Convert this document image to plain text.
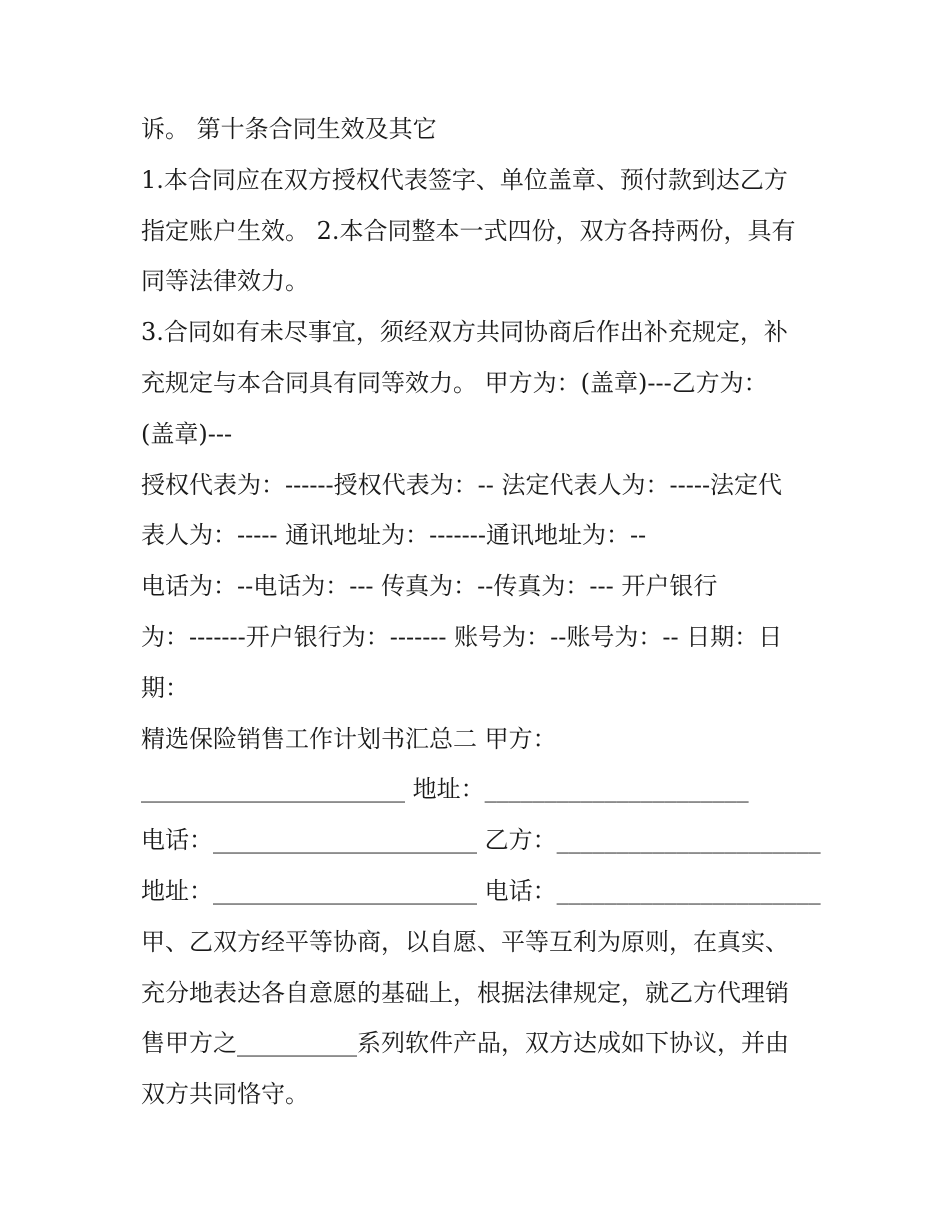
诉。 第十条合同生效及其它
1.本合同应在双方授权代表签字、单位盖章、预付款到达乙方
指定账户生效。 2.本合同整本一式四份，双方各持两份，具有
同等法律效力。
3.合同如有未尽事宜，须经双方共同协商后作出补充规定，补
充规定与本合同具有同等效力。 甲方为：(盖章)---乙方为：
(盖章)---
授权代表为：------授权代表为：-- 法定代表人为：-----法定代
表人为：----- 通讯地址为：-------通讯地址为：--
电话为：--电话为：--- 传真为：--传真为：--- 开户银行
为：-------开户银行为：------- 账号为：--账号为：-- 日期：日
期：
精选保险销售工作计划书汇总二 甲方：
______________________ 地址：______________________
电话：______________________ 乙方：______________________
地址：______________________ 电话：______________________
甲、乙双方经平等协商，以自愿、平等互利为原则，在真实、
充分地表达各自意愿的基础上，根据法律规定，就乙方代理销
售甲方之__________系列软件产品，双方达成如下协议，并由
双方共同恪守。
